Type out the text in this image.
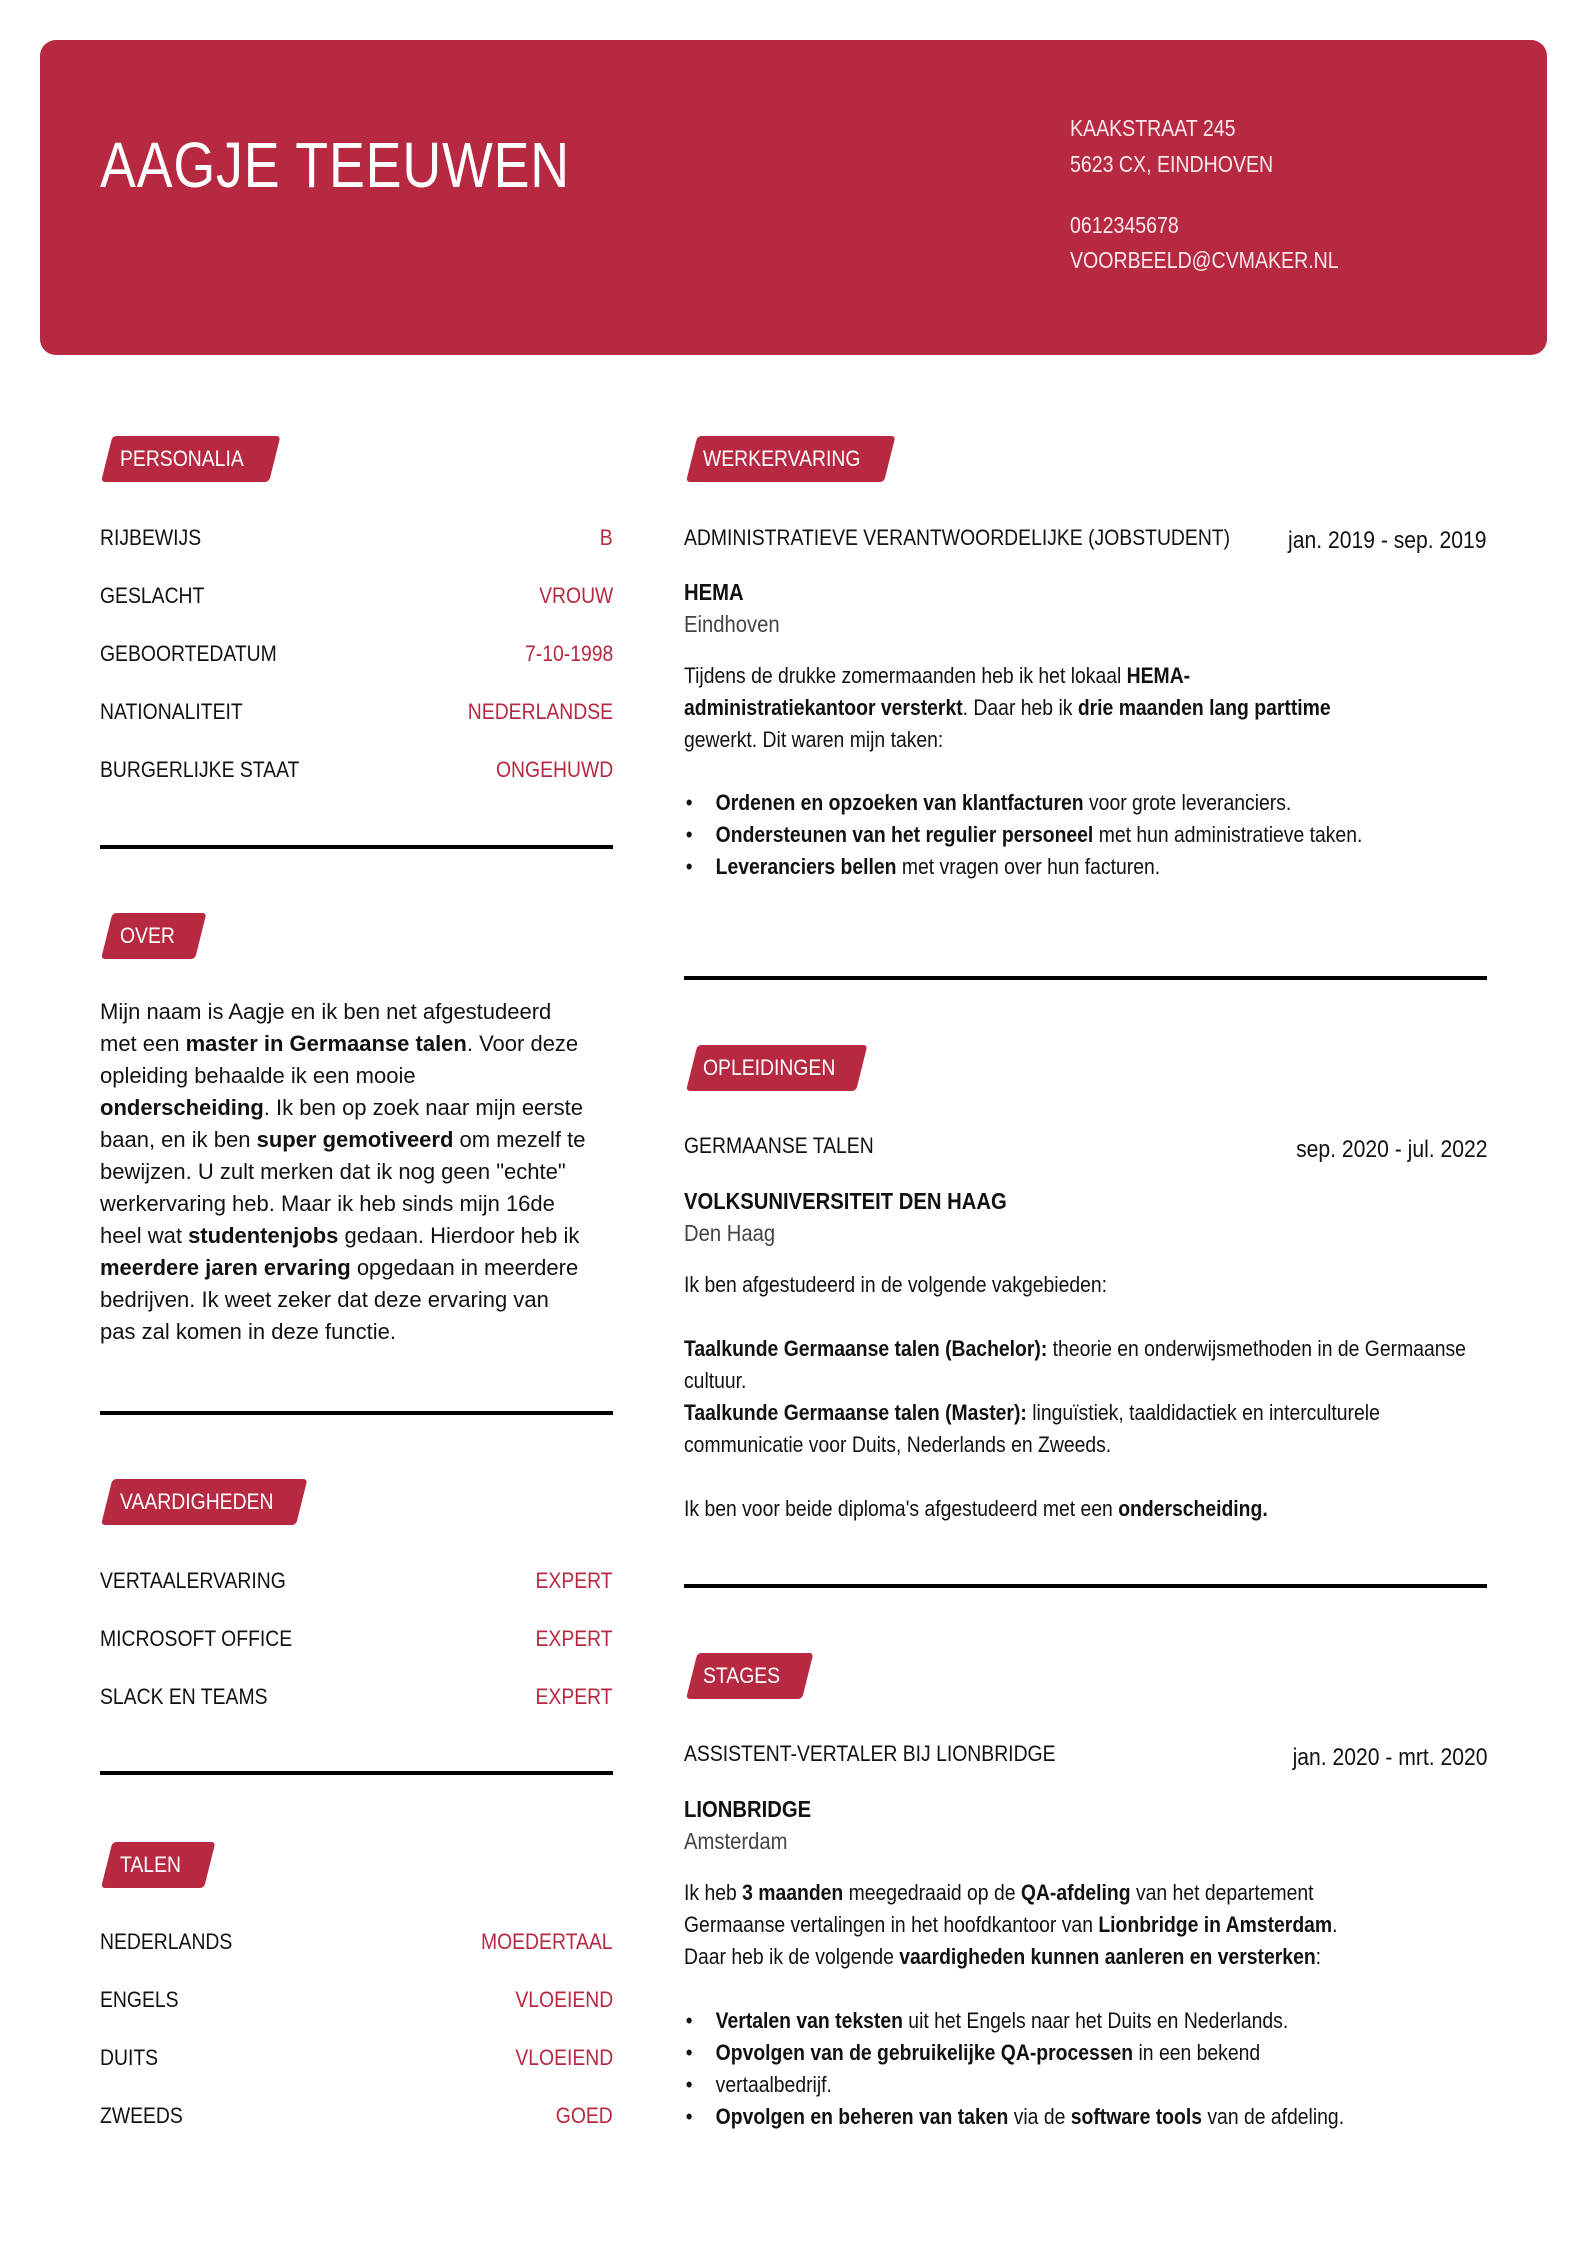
AAGJE TEEUWEN
KAAKSTRAAT 245
5623 CX, EINDHOVEN
0612345678
VOORBEELD@CVMAKER.NL
PERSONALIA
RIJBEWIJS	B
GESLACHT	VROUW
GEBOORTEDATUM	7-10-1998
NATIONALITEIT	NEDERLANDSE
BURGERLIJKE STAAT	ONGEHUWD
OVER
Mijn naam is Aagje en ik ben net afgestudeerd
met een master in Germaanse talen. Voor deze
opleiding behaalde ik een mooie
onderscheiding. Ik ben op zoek naar mijn eerste
baan, en ik ben super gemotiveerd om mezelf te
bewijzen. U zult merken dat ik nog geen "echte"
werkervaring heb. Maar ik heb sinds mijn 16de
heel wat studentenjobs gedaan. Hierdoor heb ik
meerdere jaren ervaring opgedaan in meerdere
bedrijven. Ik weet zeker dat deze ervaring van
pas zal komen in deze functie.
VAARDIGHEDEN
VERTAALERVARING	EXPERT
MICROSOFT OFFICE	EXPERT
SLACK EN TEAMS	EXPERT
TALEN
NEDERLANDS	MOEDERTAAL
ENGELS	VLOEIEND
DUITS	VLOEIEND
ZWEEDS	GOED
WERKERVARING
ADMINISTRATIEVE VERANTWOORDELIJKE (JOBSTUDENT) jan. 2019 - sep. 2019
HEMA
Eindhoven
Tijdens de drukke zomermaanden heb ik het lokaal HEMA-
administratiekantoor versterkt. Daar heb ik drie maanden lang parttime
gewerkt. Dit waren mijn taken:
• Ordenen en opzoeken van klantfacturen voor grote leveranciers.
• Ondersteunen van het regulier personeel met hun administratieve taken.
• Leveranciers bellen met vragen over hun facturen.
OPLEIDINGEN
GERMAANSE TALEN	sep. 2020 - jul. 2022
VOLKSUNIVERSITEIT DEN HAAG
Den Haag
Ik ben afgestudeerd in de volgende vakgebieden:
Taalkunde Germaanse talen (Bachelor): theorie en onderwijsmethoden in de Germaanse cultuur.
Taalkunde Germaanse talen (Master): linguïstiek, taaldidactiek en interculturele communicatie voor Duits, Nederlands en Zweeds.
Ik ben voor beide diploma's afgestudeerd met een onderscheiding.
STAGES
ASSISTENT-VERTALER BIJ LIONBRIDGE	jan. 2020 - mrt. 2020
LIONBRIDGE
Amsterdam
Ik heb 3 maanden meegedraaid op de QA-afdeling van het departement
Germaanse vertalingen in het hoofdkantoor van Lionbridge in Amsterdam.
Daar heb ik de volgende vaardigheden kunnen aanleren en versterken:
• Vertalen van teksten uit het Engels naar het Duits en Nederlands.
• Opvolgen van de gebruikelijke QA-processen in een bekend
• vertaalbedrijf.
• Opvolgen en beheren van taken via de software tools van de afdeling.
